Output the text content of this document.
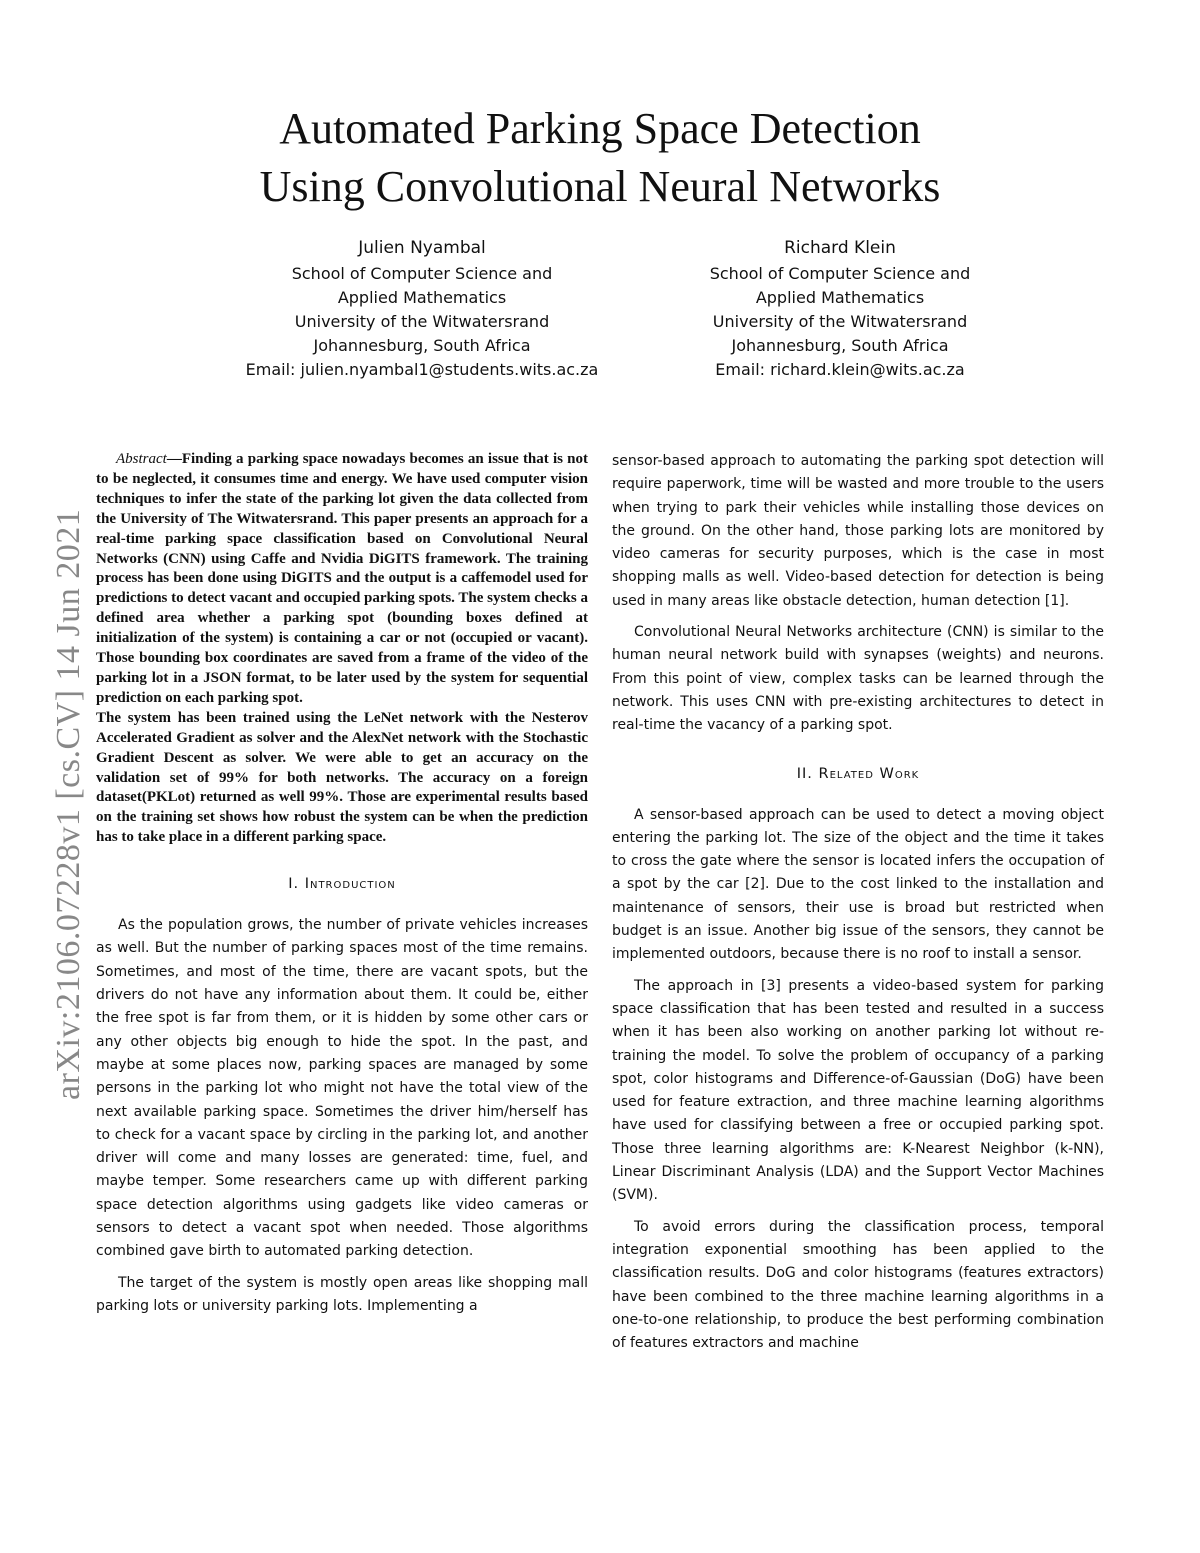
Automated Parking Space Detection
Using Convolutional Neural Networks
Julien Nyambal
School of Computer Science and
Applied Mathematics
University of the Witwatersrand
Johannesburg, South Africa
Email: julien.nyambal1@students.wits.ac.za
Richard Klein
School of Computer Science and
Applied Mathematics
University of the Witwatersrand
Johannesburg, South Africa
Email: richard.klein@wits.ac.za
arXiv:2106.07228v1 [cs.CV] 14 Jun 2021

Abstract—Finding a parking space nowadays becomes an issue that is not to be neglected, it consumes time and energy. We have used computer vision techniques to infer the state of the parking lot given the data collected from the University of The Witwatersrand. This paper presents an approach for a real-time parking space classification based on Convolutional Neural Networks (CNN) using Caffe and Nvidia DiGITS framework. The training process has been done using DiGITS and the output is a caffemodel used for predictions to detect vacant and occupied parking spots. The system checks a defined area whether a parking spot (bounding boxes defined at initialization of the system) is containing a car or not (occupied or vacant). Those bounding box coordinates are saved from a frame of the video of the parking lot in a JSON format, to be later used by the system for sequential prediction on each parking spot.

The system has been trained using the LeNet network with the Nesterov Accelerated Gradient as solver and the AlexNet network with the Stochastic Gradient Descent as solver. We were able to get an accuracy on the validation set of 99% for both networks. The accuracy on a foreign dataset(PKLot) returned as well 99%. Those are experimental results based on the training set shows how robust the system can be when the prediction has to take place in a different parking space.

I. Introduction

As the population grows, the number of private vehicles increases as well. But the number of parking spaces most of the time remains. Sometimes, and most of the time, there are vacant spots, but the drivers do not have any information about them. It could be, either the free spot is far from them, or it is hidden by some other cars or any other objects big enough to hide the spot. In the past, and maybe at some places now, parking spaces are managed by some persons in the parking lot who might not have the total view of the next available parking space. Sometimes the driver him/herself has to check for a vacant space by circling in the parking lot, and another driver will come and many losses are generated: time, fuel, and maybe temper. Some researchers came up with different parking space detection algorithms using gadgets like video cameras or sensors to detect a vacant spot when needed. Those algorithms combined gave birth to automated parking detection.

The target of the system is mostly open areas like shopping mall parking lots or university parking lots. Implementing a

sensor-based approach to automating the parking spot detection will require paperwork, time will be wasted and more trouble to the users when trying to park their vehicles while installing those devices on the ground. On the other hand, those parking lots are monitored by video cameras for security purposes, which is the case in most shopping malls as well. Video-based detection for detection is being used in many areas like obstacle detection, human detection [1].

Convolutional Neural Networks architecture (CNN) is similar to the human neural network build with synapses (weights) and neurons. From this point of view, complex tasks can be learned through the network. This uses CNN with pre-existing architectures to detect in real-time the vacancy of a parking spot.

II. Related Work

A sensor-based approach can be used to detect a moving object entering the parking lot. The size of the object and the time it takes to cross the gate where the sensor is located infers the occupation of a spot by the car [2]. Due to the cost linked to the installation and maintenance of sensors, their use is broad but restricted when budget is an issue. Another big issue of the sensors, they cannot be implemented outdoors, because there is no roof to install a sensor.

The approach in [3] presents a video-based system for parking space classification that has been tested and resulted in a success when it has been also working on another parking lot without re-training the model. To solve the problem of occupancy of a parking spot, color histograms and Difference-of-Gaussian (DoG) have been used for feature extraction, and three machine learning algorithms have used for classifying between a free or occupied parking spot. Those three learning algorithms are: K-Nearest Neighbor (k-NN), Linear Discriminant Analysis (LDA) and the Support Vector Machines (SVM).

To avoid errors during the classification process, temporal integration exponential smoothing has been applied to the classification results. DoG and color histograms (features extractors) have been combined to the three machine learning algorithms in a one-to-one relationship, to produce the best performing combination of features extractors and machine
